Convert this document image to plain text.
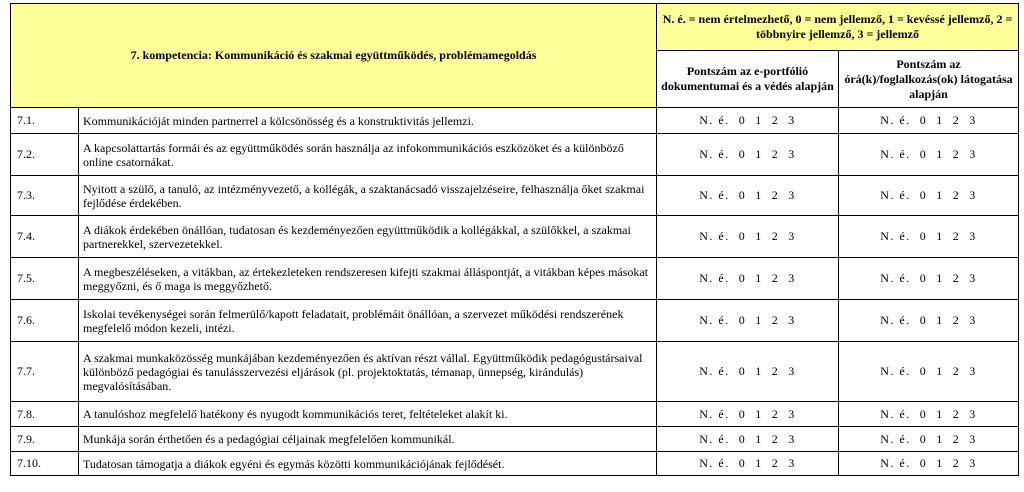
7. kompetencia: Kommunikáció és szakmai együttműködés, problémamegoldás		N. é. = nem értelmezhető, 0 = nem jellemző, 1 = kevéssé jellemző, 2 = többnyire jellemző, 3 = jellemző	
		Pontszám az e-portfólió dokumentumai és a védés alapján	Pontszám az órá(k)/foglalkozás(ok) látogatása alapján
7.1.	Kommunikációját minden partnerrel a kölcsönösség és a konstruktivitás jellemzi.	N. é.  0  1  2  3	N. é.  0  1  2  3
7.2.	A kapcsolattartás formái és az együttműködés során használja az infokommunikációs eszközöket és a különböző online csatornákat.	N. é.  0  1  2  3	N. é.  0  1  2  3
7.3.	Nyitott a szülő, a tanuló, az intézményvezető, a kollégák, a szaktanácsadó visszajelzéseire, felhasználja őket szakmai fejlődése érdekében.	N. é.  0  1  2  3	N. é.  0  1  2  3
7.4.	A diákok érdekében önállóan, tudatosan és kezdeményezően együttműködik a kollégákkal, a szülőkkel, a szakmai partnerekkel, szervezetekkel.	N. é.  0  1  2  3	N. é.  0  1  2  3
7.5.	A megbeszéléseken, a vitákban, az értekezleteken rendszeresen kifejti szakmai álláspontját, a vitákban képes másokat meggyőzni, és ő maga is meggyőzhető.	N. é.  0  1  2  3	N. é.  0  1  2  3
7.6.	Iskolai tevékenységei során felmerülő/kapott feladatait, problémáit önállóan, a szervezet működési rendszerének megfelelő módon kezeli, intézi.	N. é.  0  1  2  3	N. é.  0  1  2  3
7.7.	A szakmai munkaközösség munkájában kezdeményezően és aktívan részt vállal. Együttműködik pedagógustársaival különböző pedagógiai és tanulásszervezési eljárások (pl. projektoktatás, témanap, ünnepség, kirándulás) megvalósításában.	N. é.  0  1  2  3	N. é.  0  1  2  3
7.8.	A tanulóshoz megfelelő hatékony és nyugodt kommunikációs teret, feltételeket alakít ki.	N. é.  0  1  2  3	N. é.  0  1  2  3
7.9.	Munkája során érthetően és a pedagógiai céljainak megfelelően kommunikál.	N. é.  0  1  2  3	N. é.  0  1  2  3
7.10.	Tudatosan támogatja a diákok egyéni és egymás közötti kommunikációjának fejlődését.	N. é.  0  1  2  3	N. é.  0  1  2  3
